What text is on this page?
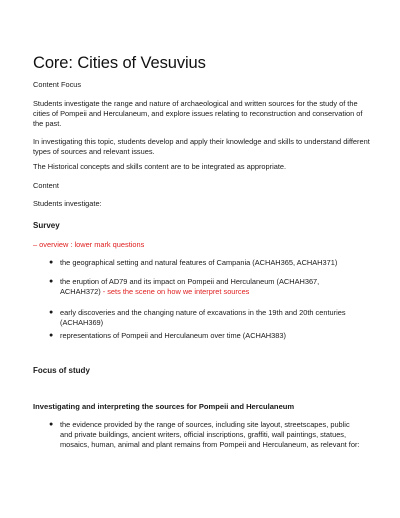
Core: Cities of Vesuvius

Content Focus

Students investigate the range and nature of archaeological and written sources for the study of the cities of Pompeii and Herculaneum, and explore issues relating to reconstruction and conservation of the past.

In investigating this topic, students develop and apply their knowledge and skills to understand different types of sources and relevant issues.

The Historical concepts and skills content are to be integrated as appropriate.

Content

Students investigate:

Survey

– overview : lower mark questions

● the geographical setting and natural features of Campania (ACHAH365, ACHAH371)
● the eruption of AD79 and its impact on Pompeii and Herculaneum (ACHAH367, ACHAH372) - sets the scene on how we interpret sources
● early discoveries and the changing nature of excavations in the 19th and 20th centuries (ACHAH369)
● representations of Pompeii and Herculaneum over time (ACHAH383)

Focus of study

Investigating and interpreting the sources for Pompeii and Herculaneum

● the evidence provided by the range of sources, including site layout, streetscapes, public and private buildings, ancient writers, official inscriptions, graffiti, wall paintings, statues, mosaics, human, animal and plant remains from Pompeii and Herculaneum, as relevant for:
